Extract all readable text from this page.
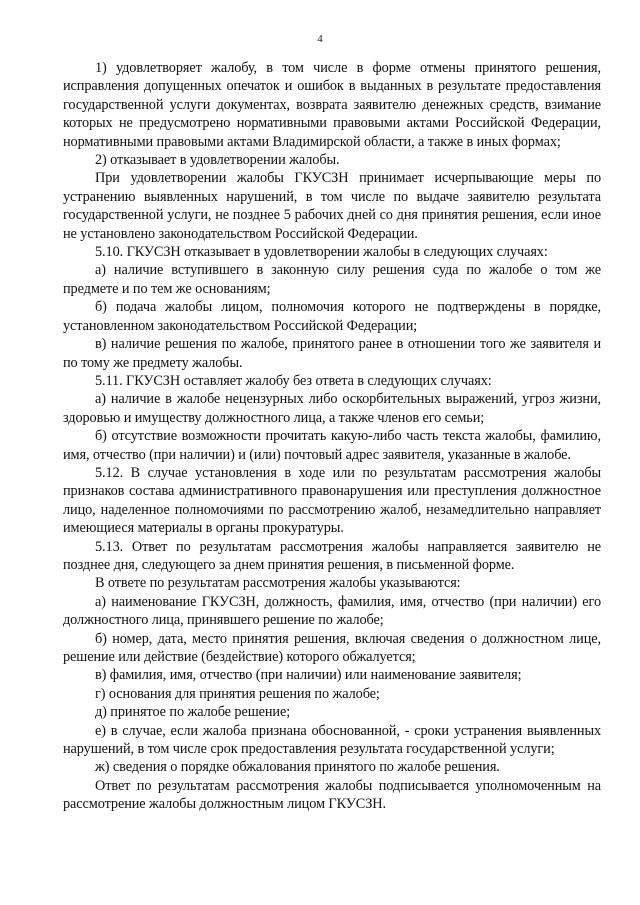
4

1) удовлетворяет жалобу, в том числе в форме отмены принятого решения, исправления допущенных опечаток и ошибок в выданных в результате предоставления государственной услуги документах, возврата заявителю денежных средств, взимание которых не предусмотрено нормативными правовыми актами Российской Федерации, нормативными правовыми актами Владимирской области, а также в иных формах;

2) отказывает в удовлетворении жалобы.

При удовлетворении жалобы ГКУСЗН принимает исчерпывающие меры по устранению выявленных нарушений, в том числе по выдаче заявителю результата государственной услуги, не позднее 5 рабочих дней со дня принятия решения, если иное не установлено законодательством Российской Федерации.

5.10. ГКУСЗН отказывает в удовлетворении жалобы в следующих случаях:

а) наличие вступившего в законную силу решения суда по жалобе о том же предмете и по тем же основаниям;

б) подача жалобы лицом, полномочия которого не подтверждены в порядке, установленном законодательством Российской Федерации;

в) наличие решения по жалобе, принятого ранее в отношении того же заявителя и по тому же предмету жалобы.

5.11. ГКУСЗН оставляет жалобу без ответа в следующих случаях:

а) наличие в жалобе нецензурных либо оскорбительных выражений, угроз жизни, здоровью и имуществу должностного лица, а также членов его семьи;

б) отсутствие возможности прочитать какую-либо часть текста жалобы, фамилию, имя, отчество (при наличии) и (или) почтовый адрес заявителя, указанные в жалобе.

5.12. В случае установления в ходе или по результатам рассмотрения жалобы признаков состава административного правонарушения или преступления должностное лицо, наделенное полномочиями по рассмотрению жалоб, незамедлительно направляет имеющиеся материалы в органы прокуратуры.

5.13. Ответ по результатам рассмотрения жалобы направляется заявителю не позднее дня, следующего за днем принятия решения, в письменной форме.

В ответе по результатам рассмотрения жалобы указываются:

а) наименование ГКУСЗН, должность, фамилия, имя, отчество (при наличии) его должностного лица, принявшего решение по жалобе;

б) номер, дата, место принятия решения, включая сведения о должностном лице, решение или действие (бездействие) которого обжалуется;

в) фамилия, имя, отчество (при наличии) или наименование заявителя;

г) основания для принятия решения по жалобе;

д) принятое по жалобе решение;

е) в случае, если жалоба признана обоснованной, - сроки устранения выявленных нарушений, в том числе срок предоставления результата государственной услуги;

ж) сведения о порядке обжалования принятого по жалобе решения.

Ответ по результатам рассмотрения жалобы подписывается уполномоченным на рассмотрение жалобы должностным лицом ГКУСЗН.
